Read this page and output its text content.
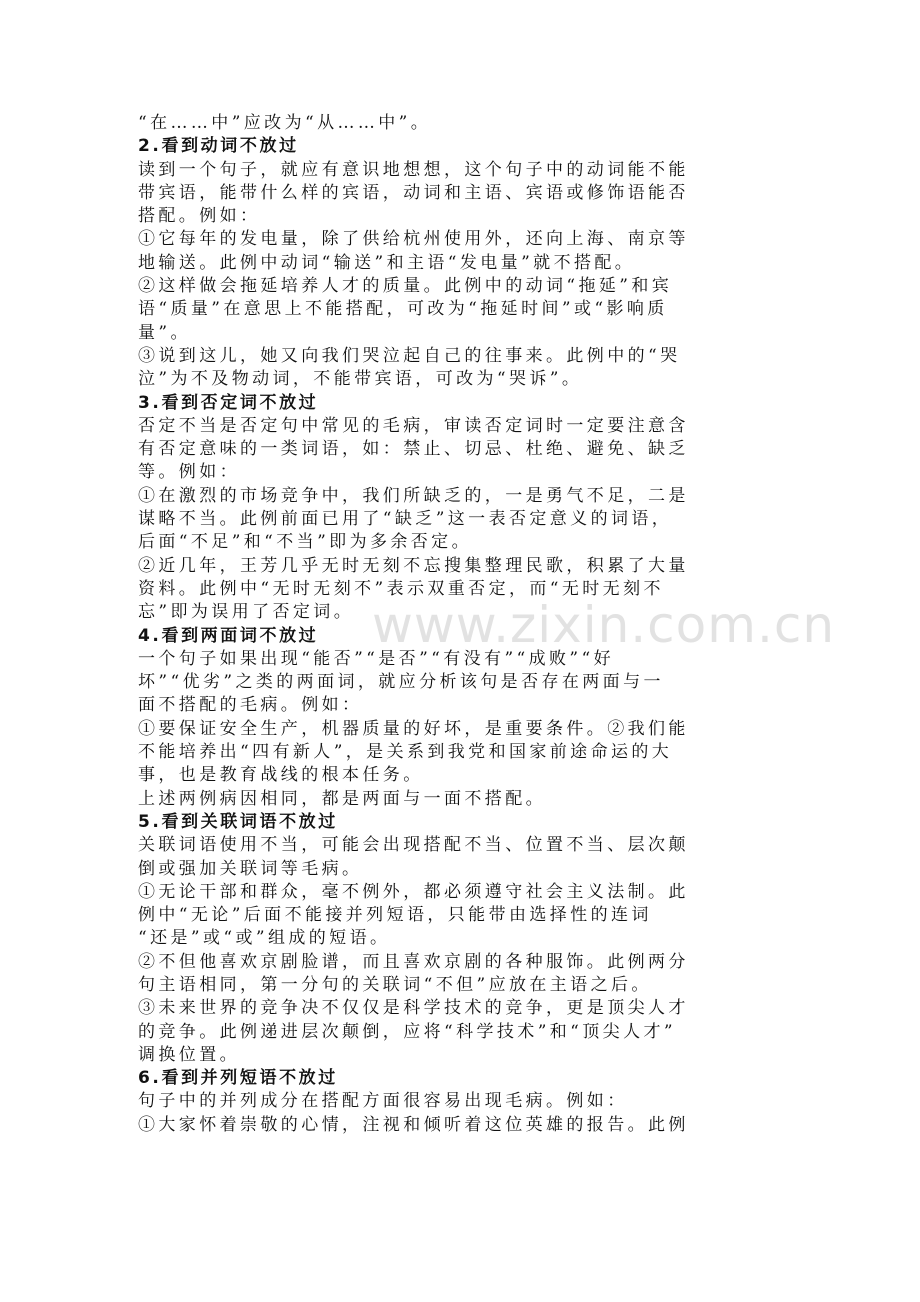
“在……中”应改为“从……中”。
2.看到动词不放过
读到一个句子，就应有意识地想想，这个句子中的动词能不能
带宾语，能带什么样的宾语，动词和主语、宾语或修饰语能否
搭配。例如：
①它每年的发电量，除了供给杭州使用外，还向上海、南京等
地输送。此例中动词“输送”和主语“发电量”就不搭配。
②这样做会拖延培养人才的质量。此例中的动词“拖延”和宾
语“质量”在意思上不能搭配，可改为“拖延时间”或“影响质
量”。
③说到这儿，她又向我们哭泣起自己的往事来。此例中的“哭
泣”为不及物动词，不能带宾语，可改为“哭诉”。
3.看到否定词不放过
否定不当是否定句中常见的毛病，审读否定词时一定要注意含
有否定意味的一类词语，如：禁止、切忌、杜绝、避免、缺乏
等。例如：
①在激烈的市场竞争中，我们所缺乏的，一是勇气不足，二是
谋略不当。此例前面已用了“缺乏”这一表否定意义的词语，
后面“不足”和“不当”即为多余否定。
②近几年，王芳几乎无时无刻不忘搜集整理民歌，积累了大量
资料。此例中“无时无刻不”表示双重否定，而“无时无刻不
忘”即为误用了否定词。
4.看到两面词不放过
一个句子如果出现“能否”“是否”“有没有”“成败”“好
坏”“优劣”之类的两面词，就应分析该句是否存在两面与一
面不搭配的毛病。例如：
①要保证安全生产，机器质量的好坏，是重要条件。②我们能
不能培养出“四有新人”，是关系到我党和国家前途命运的大
事，也是教育战线的根本任务。
上述两例病因相同，都是两面与一面不搭配。
5.看到关联词语不放过
关联词语使用不当，可能会出现搭配不当、位置不当、层次颠
倒或强加关联词等毛病。
①无论干部和群众，毫不例外，都必须遵守社会主义法制。此
例中“无论”后面不能接并列短语，只能带由选择性的连词
“还是”或“或”组成的短语。
②不但他喜欢京剧脸谱，而且喜欢京剧的各种服饰。此例两分
句主语相同，第一分句的关联词“不但”应放在主语之后。
③未来世界的竞争决不仅仅是科学技术的竞争，更是顶尖人才
的竞争。此例递进层次颠倒，应将“科学技术”和“顶尖人才”
调换位置。
6.看到并列短语不放过
句子中的并列成分在搭配方面很容易出现毛病。例如：
①大家怀着崇敬的心情，注视和倾听着这位英雄的报告。此例
www.zixin.com.cn
